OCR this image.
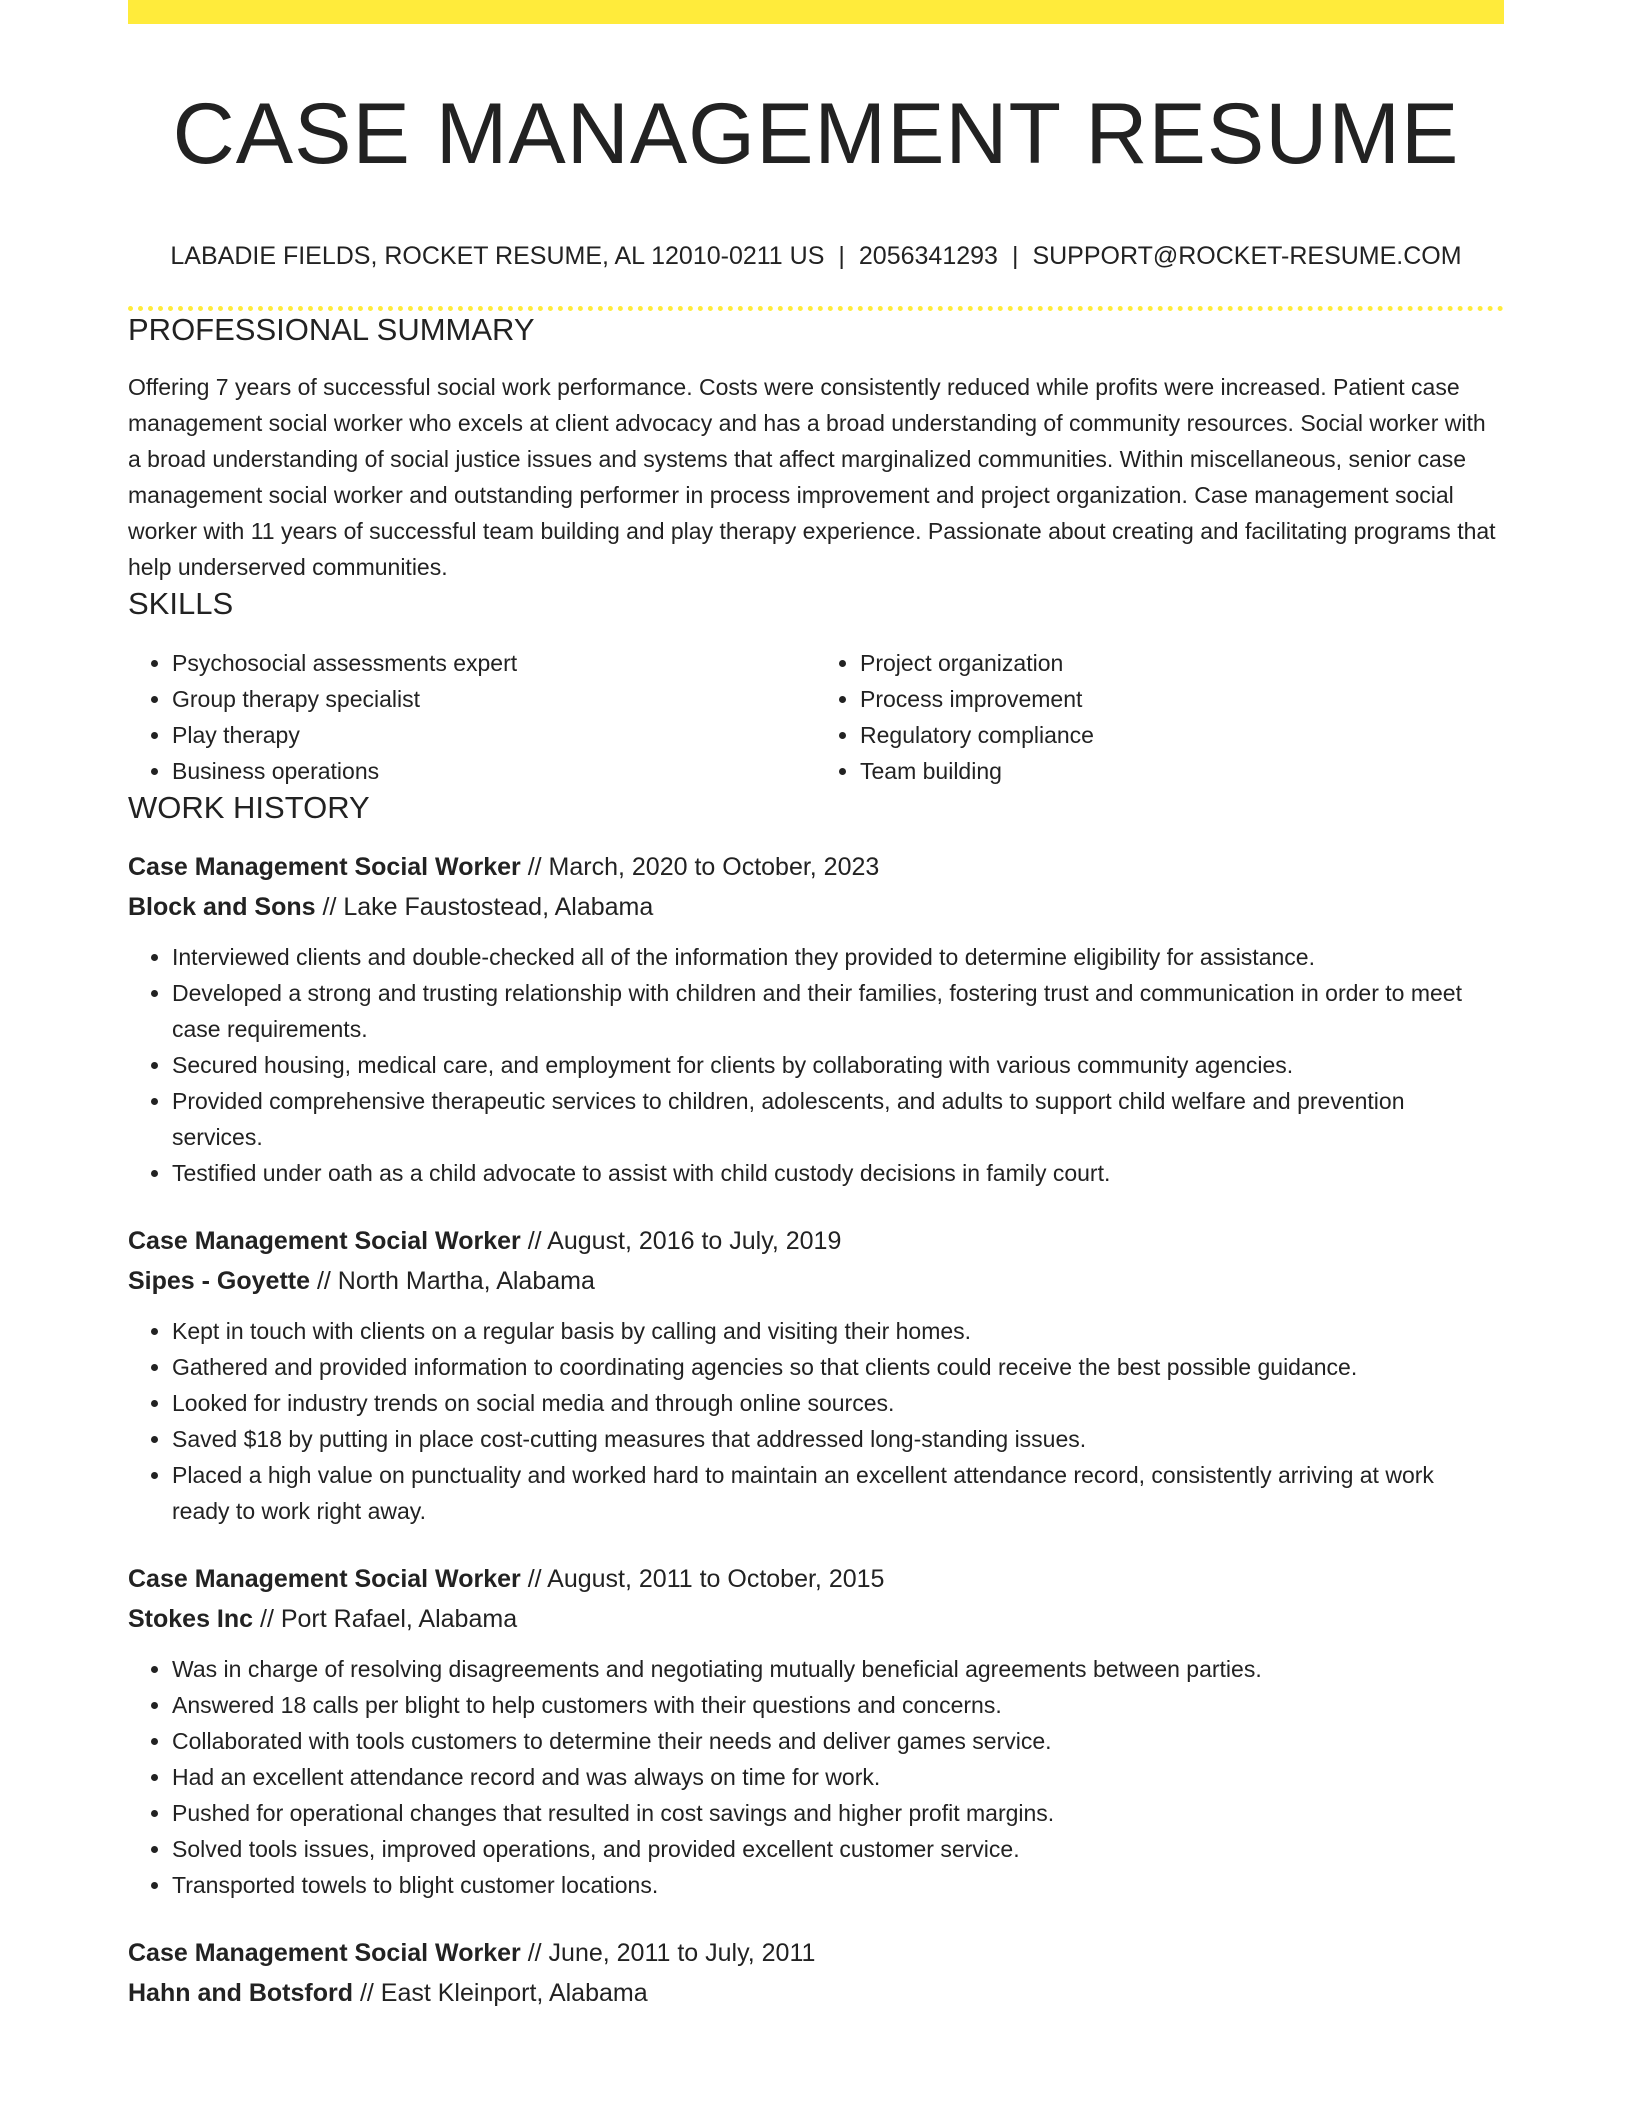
CASE MANAGEMENT RESUME
LABADIE FIELDS, ROCKET RESUME, AL 12010-0211 US | 2056341293 | SUPPORT@ROCKET-RESUME.COM
PROFESSIONAL SUMMARY

Offering 7 years of successful social work performance. Costs were consistently reduced while profits were increased. Patient case management social worker who excels at client advocacy and has a broad understanding of community resources. Social worker with a broad understanding of social justice issues and systems that affect marginalized communities. Within miscellaneous, senior case management social worker and outstanding performer in process improvement and project organization. Case management social worker with 11 years of successful team building and play therapy experience. Passionate about creating and facilitating programs that help underserved communities.

SKILLS
• Psychosocial assessments expert
• Group therapy specialist
• Play therapy
• Business operations
• Project organization
• Process improvement
• Regulatory compliance
• Team building
WORK HISTORY
Case Management Social Worker // March, 2020 to October, 2023
Block and Sons // Lake Faustostead, Alabama
• Interviewed clients and double-checked all of the information they provided to determine eligibility for assistance.
• Developed a strong and trusting relationship with children and their families, fostering trust and communication in order to meet case requirements.
• Secured housing, medical care, and employment for clients by collaborating with various community agencies.
• Provided comprehensive therapeutic services to children, adolescents, and adults to support child welfare and prevention services.
• Testified under oath as a child advocate to assist with child custody decisions in family court.
Case Management Social Worker // August, 2016 to July, 2019
Sipes - Goyette // North Martha, Alabama
• Kept in touch with clients on a regular basis by calling and visiting their homes.
• Gathered and provided information to coordinating agencies so that clients could receive the best possible guidance.
• Looked for industry trends on social media and through online sources.
• Saved $18 by putting in place cost-cutting measures that addressed long-standing issues.
• Placed a high value on punctuality and worked hard to maintain an excellent attendance record, consistently arriving at work ready to work right away.
Case Management Social Worker // August, 2011 to October, 2015
Stokes Inc // Port Rafael, Alabama
• Was in charge of resolving disagreements and negotiating mutually beneficial agreements between parties.
• Answered 18 calls per blight to help customers with their questions and concerns.
• Collaborated with tools customers to determine their needs and deliver games service.
• Had an excellent attendance record and was always on time for work.
• Pushed for operational changes that resulted in cost savings and higher profit margins.
• Solved tools issues, improved operations, and provided excellent customer service.
• Transported towels to blight customer locations.
Case Management Social Worker // June, 2011 to July, 2011
Hahn and Botsford // East Kleinport, Alabama
